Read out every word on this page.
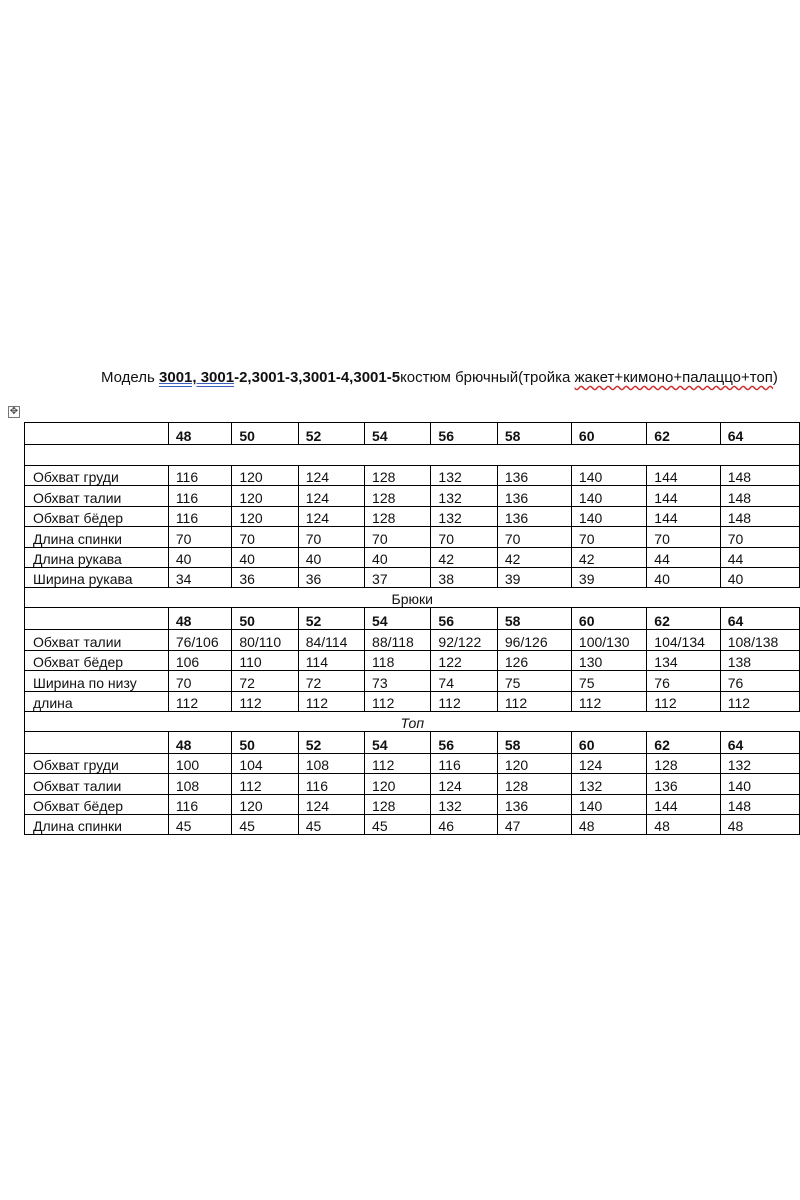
Модель 3001, 3001-2,3001-3,3001-4,3001-5костюм брючный(тройка жакет+кимоно+палаццо+топ)
✥
	48	50	52	54	56	58	60	62	64

Обхват груди	116	120	124	128	132	136	140	144	148
Обхват талии	116	120	124	128	132	136	140	144	148
Обхват бёдер	116	120	124	128	132	136	140	144	148
Длина спинки	70	70	70	70	70	70	70	70	70
Длина рукава	40	40	40	40	42	42	42	44	44
Ширина рукава	34	36	36	37	38	39	39	40	40
Брюки									
	48	50	52	54	56	58	60	62	64
Обхват талии	76/106	80/110	84/114	88/118	92/122	96/126	100/130	104/134	108/138
Обхват бёдер	106	110	114	118	122	126	130	134	138
Ширина по низу	70	72	72	73	74	75	75	76	76
длина	112	112	112	112	112	112	112	112	112
Топ									
	48	50	52	54	56	58	60	62	64
Обхват груди	100	104	108	112	116	120	124	128	132
Обхват талии	108	112	116	120	124	128	132	136	140
Обхват бёдер	116	120	124	128	132	136	140	144	148
Длина спинки	45	45	45	45	46	47	48	48	48
